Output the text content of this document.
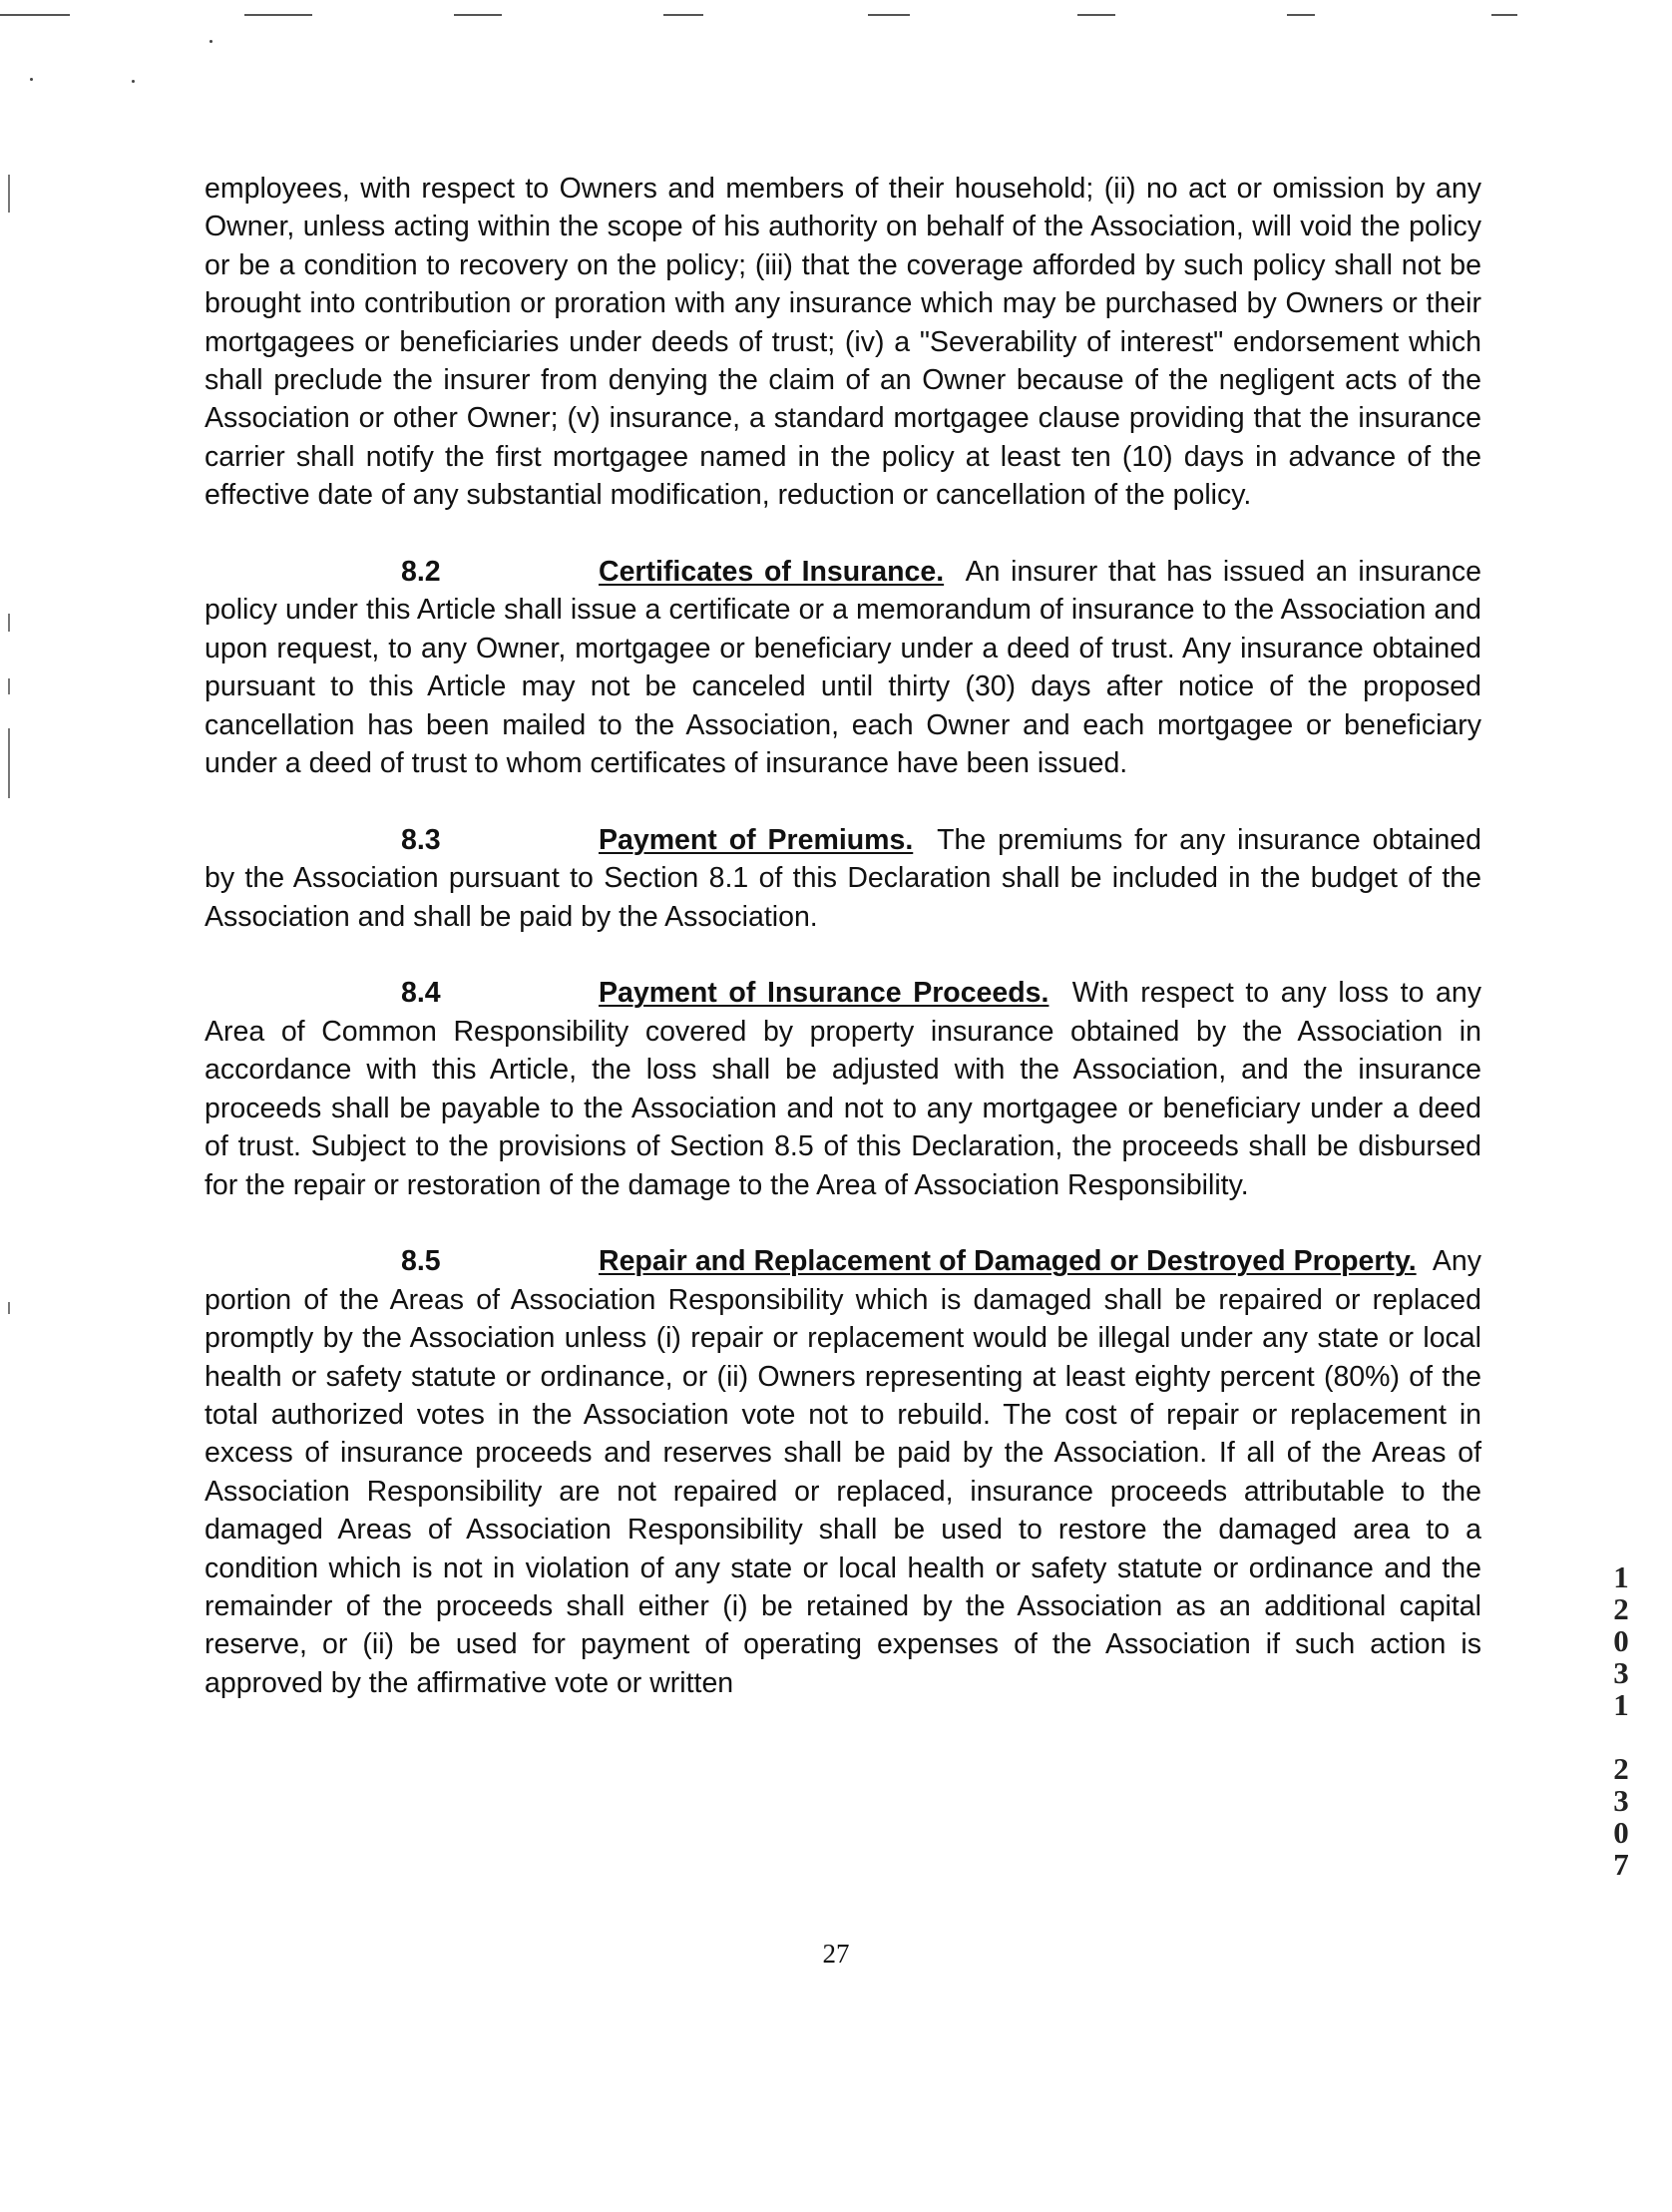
employees, with respect to Owners and members of their household; (ii) no act or omission by any Owner, unless acting within the scope of his authority on behalf of the Association, will void the policy or be a condition to recovery on the policy; (iii) that the coverage afforded by such policy shall not be brought into contribution or proration with any insurance which may be purchased by Owners or their mortgagees or beneficiaries under deeds of trust; (iv) a "Severability of interest" endorsement which shall preclude the insurer from denying the claim of an Owner because of the negligent acts of the Association or other Owner; (v) insurance, a standard mortgagee clause providing that the insurance carrier shall notify the first mortgagee named in the policy at least ten (10) days in advance of the effective date of any substantial modification, reduction or cancellation of the policy.

8.2	Certificates of Insurance. An insurer that has issued an insurance policy under this Article shall issue a certificate or a memorandum of insurance to the Association and upon request, to any Owner, mortgagee or beneficiary under a deed of trust. Any insurance obtained pursuant to this Article may not be canceled until thirty (30) days after notice of the proposed cancellation has been mailed to the Association, each Owner and each mortgagee or beneficiary under a deed of trust to whom certificates of insurance have been issued.

8.3	Payment of Premiums. The premiums for any insurance obtained by the Association pursuant to Section 8.1 of this Declaration shall be included in the budget of the Association and shall be paid by the Association.

8.4	Payment of Insurance Proceeds. With respect to any loss to any Area of Common Responsibility covered by property insurance obtained by the Association in accordance with this Article, the loss shall be adjusted with the Association, and the insurance proceeds shall be payable to the Association and not to any mortgagee or beneficiary under a deed of trust. Subject to the provisions of Section 8.5 of this Declaration, the proceeds shall be disbursed for the repair or restoration of the damage to the Area of Association Responsibility.

8.5	Repair and Replacement of Damaged or Destroyed Property. Any portion of the Areas of Association Responsibility which is damaged shall be repaired or replaced promptly by the Association unless (i) repair or replacement would be illegal under any state or local health or safety statute or ordinance, or (ii) Owners representing at least eighty percent (80%) of the total authorized votes in the Association vote not to rebuild. The cost of repair or replacement in excess of insurance proceeds and reserves shall be paid by the Association. If all of the Areas of Association Responsibility are not repaired or replaced, insurance proceeds attributable to the damaged Areas of Association Responsibility shall be used to restore the damaged area to a condition which is not in violation of any state or local health or safety statute or ordinance and the remainder of the proceeds shall either (i) be retained by the Association as an additional capital reserve, or (ii) be used for payment of operating expenses of the Association if such action is approved by the affirmative vote or written

27
1
2
0
3
1
2
3
0
7
